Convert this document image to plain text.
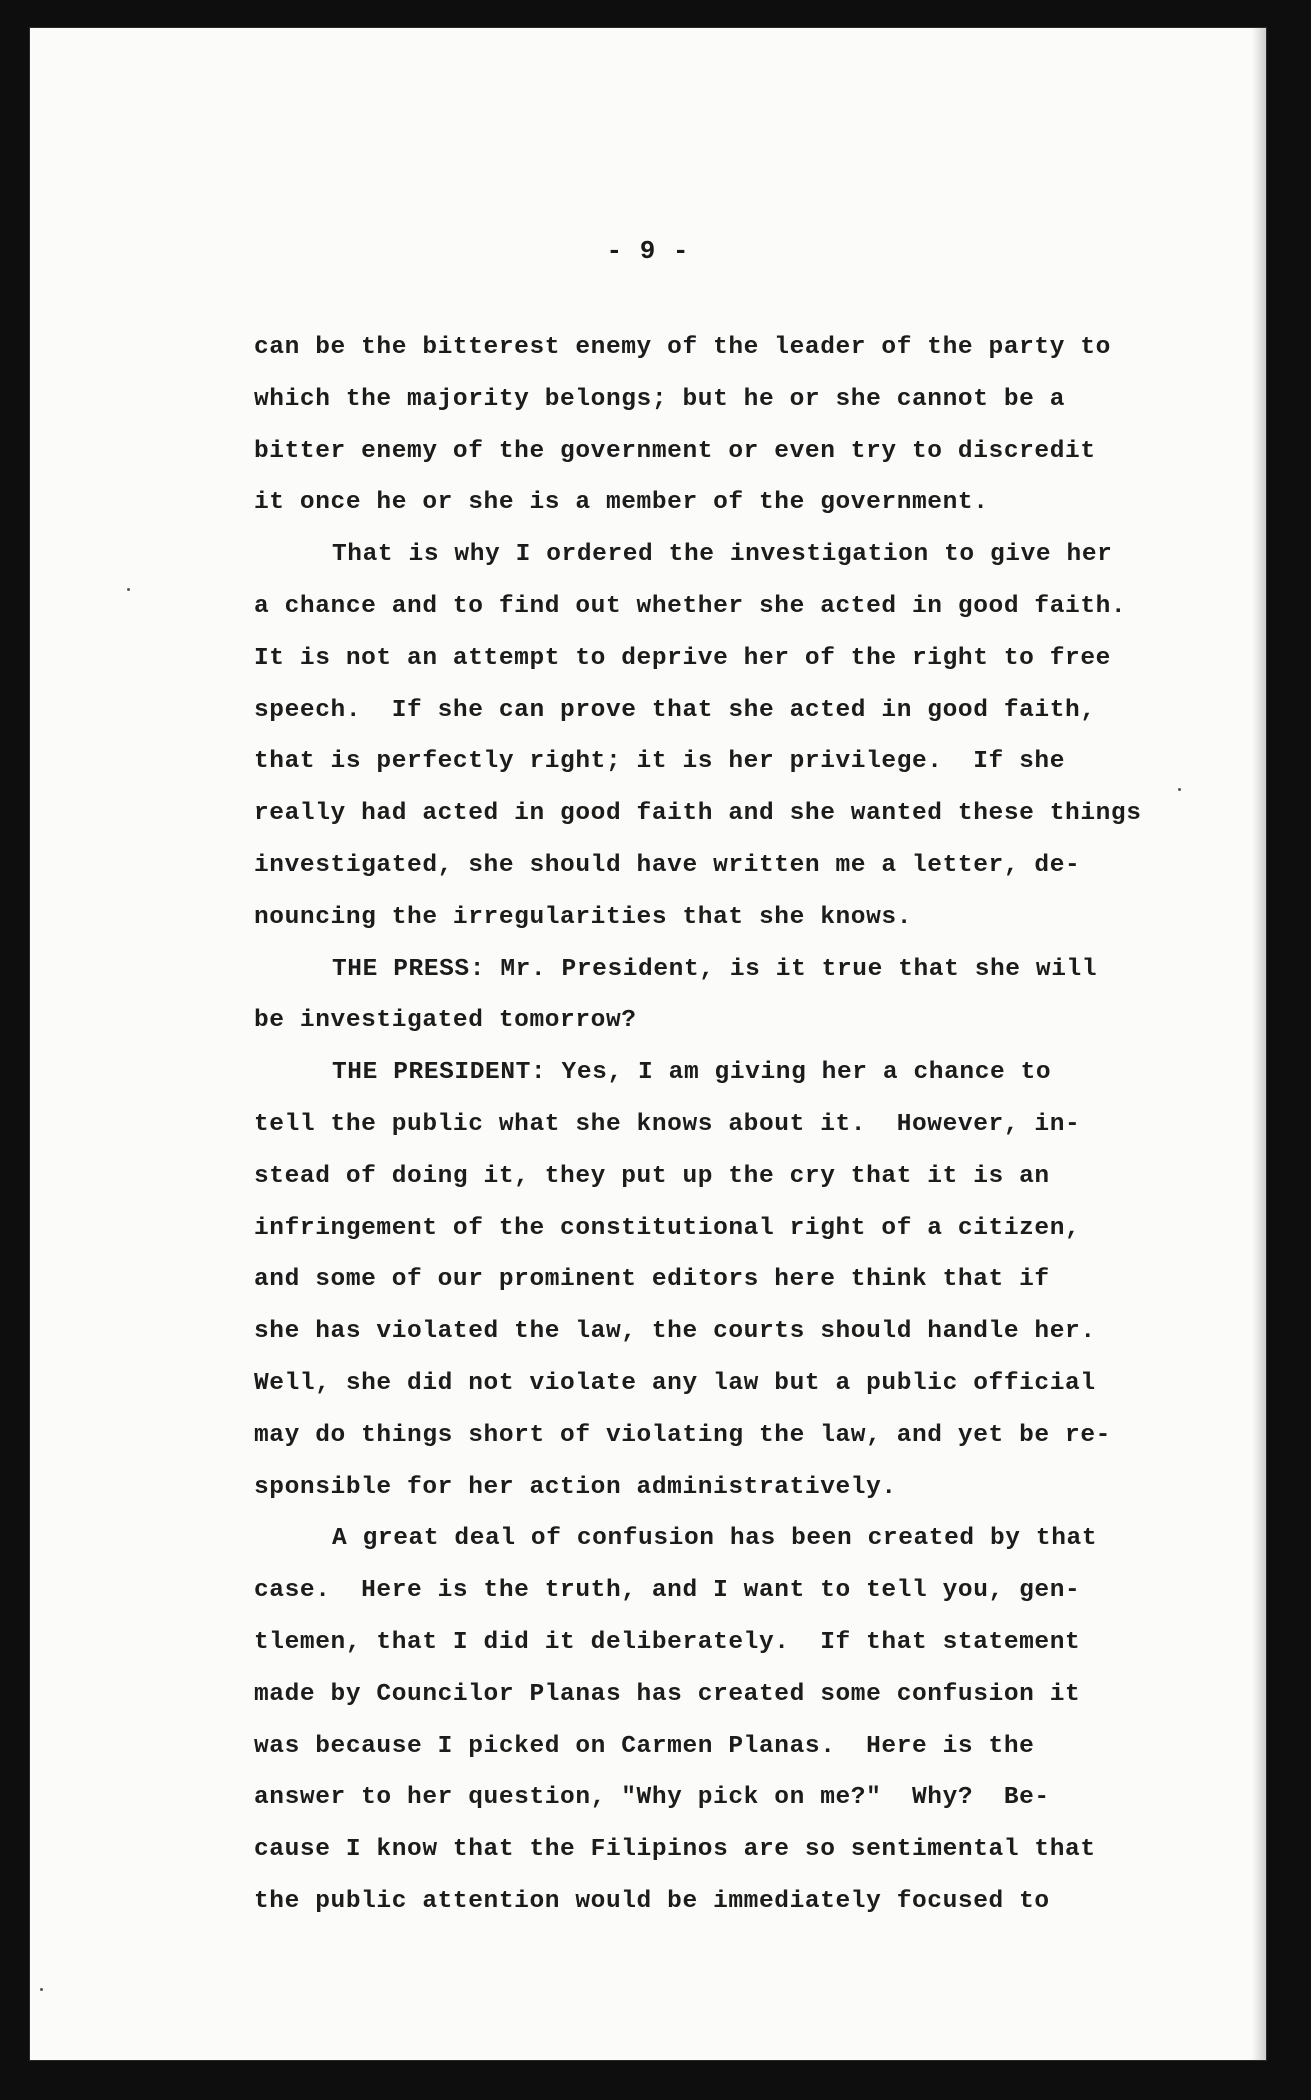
- 9 -
can be the bitterest enemy of the leader of the party to
which the majority belongs; but he or she cannot be a
bitter enemy of the government or even try to discredit
it once he or she is a member of the government.
That is why I ordered the investigation to give her
a chance and to find out whether she acted in good faith.
It is not an attempt to deprive her of the right to free
speech.  If she can prove that she acted in good faith,
that is perfectly right; it is her privilege.  If she
really had acted in good faith and she wanted these things
investigated, she should have written me a letter, de-
nouncing the irregularities that she knows.
THE PRESS: Mr. President, is it true that she will
be investigated tomorrow?
THE PRESIDENT: Yes, I am giving her a chance to
tell the public what she knows about it.  However, in-
stead of doing it, they put up the cry that it is an
infringement of the constitutional right of a citizen,
and some of our prominent editors here think that if
she has violated the law, the courts should handle her.
Well, she did not violate any law but a public official
may do things short of violating the law, and yet be re-
sponsible for her action administratively.
A great deal of confusion has been created by that
case.  Here is the truth, and I want to tell you, gen-
tlemen, that I did it deliberately.  If that statement
made by Councilor Planas has created some confusion it
was because I picked on Carmen Planas.  Here is the
answer to her question, "Why pick on me?"  Why?  Be-
cause I know that the Filipinos are so sentimental that
the public attention would be immediately focused to
